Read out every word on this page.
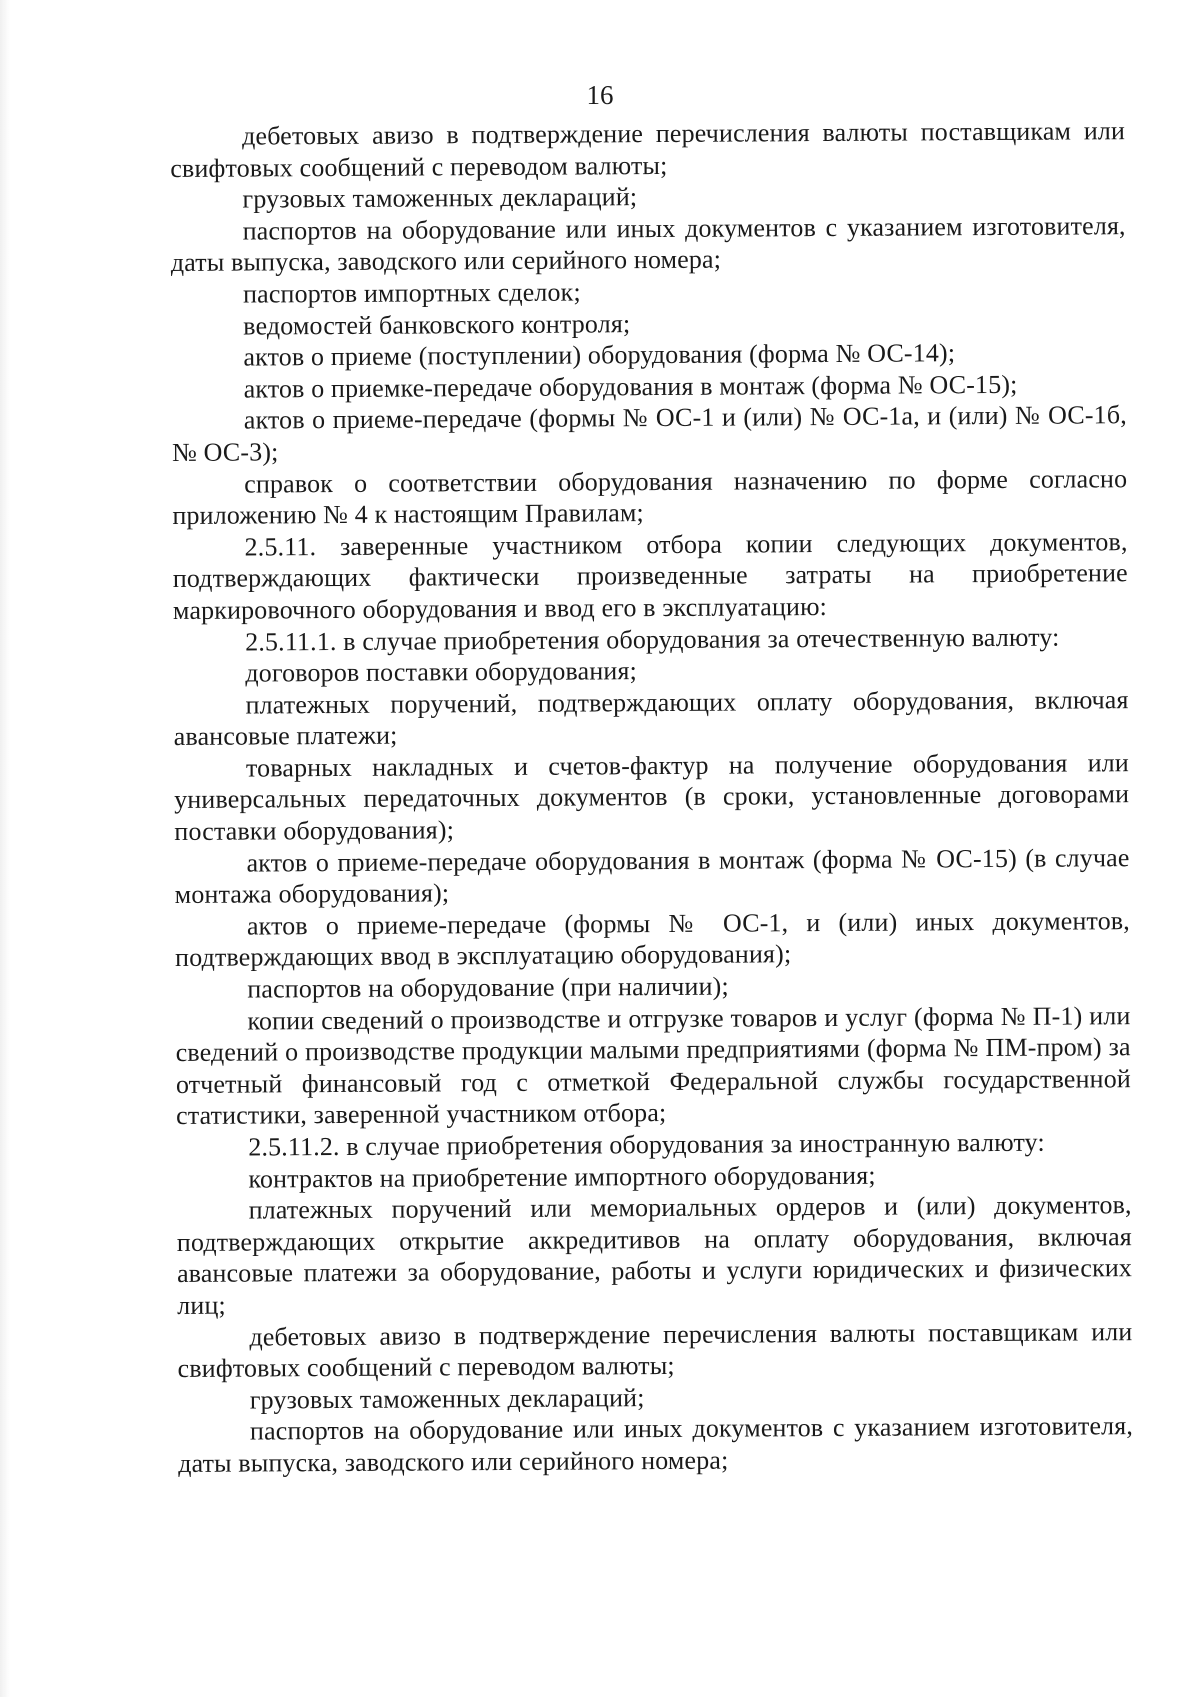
16

дебетовых авизо в подтверждение перечисления валюты поставщикам или свифтовых сообщений с переводом валюты;

грузовых таможенных деклараций;

паспортов на оборудование или иных документов с указанием изготовителя, даты выпуска, заводского или серийного номера;

паспортов импортных сделок;

ведомостей банковского контроля;

актов о приеме (поступлении) оборудования (форма № ОС-14);

актов о приемке-передаче оборудования в монтаж (форма № ОС-15);

актов о приеме-передаче (формы № ОС-1 и (или) № ОС-1а, и (или) № ОС-1б, № ОС-3);

справок о соответствии оборудования назначению по форме согласно приложению № 4 к настоящим Правилам;

2.5.11. заверенные участником отбора копии следующих документов, подтверждающих фактически произведенные затраты на приобретение маркировочного оборудования и ввод его в эксплуатацию:

2.5.11.1. в случае приобретения оборудования за отечественную валюту:

договоров поставки оборудования;

платежных поручений, подтверждающих оплату оборудования, включая авансовые платежи;

товарных накладных и счетов-фактур на получение оборудования или универсальных передаточных документов (в сроки, установленные договорами поставки оборудования);

актов о приеме-передаче оборудования в монтаж (форма № ОС-15) (в случае монтажа оборудования);

актов о приеме-передаче (формы № ОС-1, и (или) иных документов, подтверждающих ввод в эксплуатацию оборудования);

паспортов на оборудование (при наличии);

копии сведений о производстве и отгрузке товаров и услуг (форма № П-1) или сведений о производстве продукции малыми предприятиями (форма № ПМ-пром) за отчетный финансовый год с отметкой Федеральной службы государственной статистики, заверенной участником отбора;

2.5.11.2. в случае приобретения оборудования за иностранную валюту:

контрактов на приобретение импортного оборудования;

платежных поручений или мемориальных ордеров и (или) документов, подтверждающих открытие аккредитивов на оплату оборудования, включая авансовые платежи за оборудование, работы и услуги юридических и физических лиц;

дебетовых авизо в подтверждение перечисления валюты поставщикам или свифтовых сообщений с переводом валюты;

грузовых таможенных деклараций;

паспортов на оборудование или иных документов с указанием изготовителя, даты выпуска, заводского или серийного номера;
